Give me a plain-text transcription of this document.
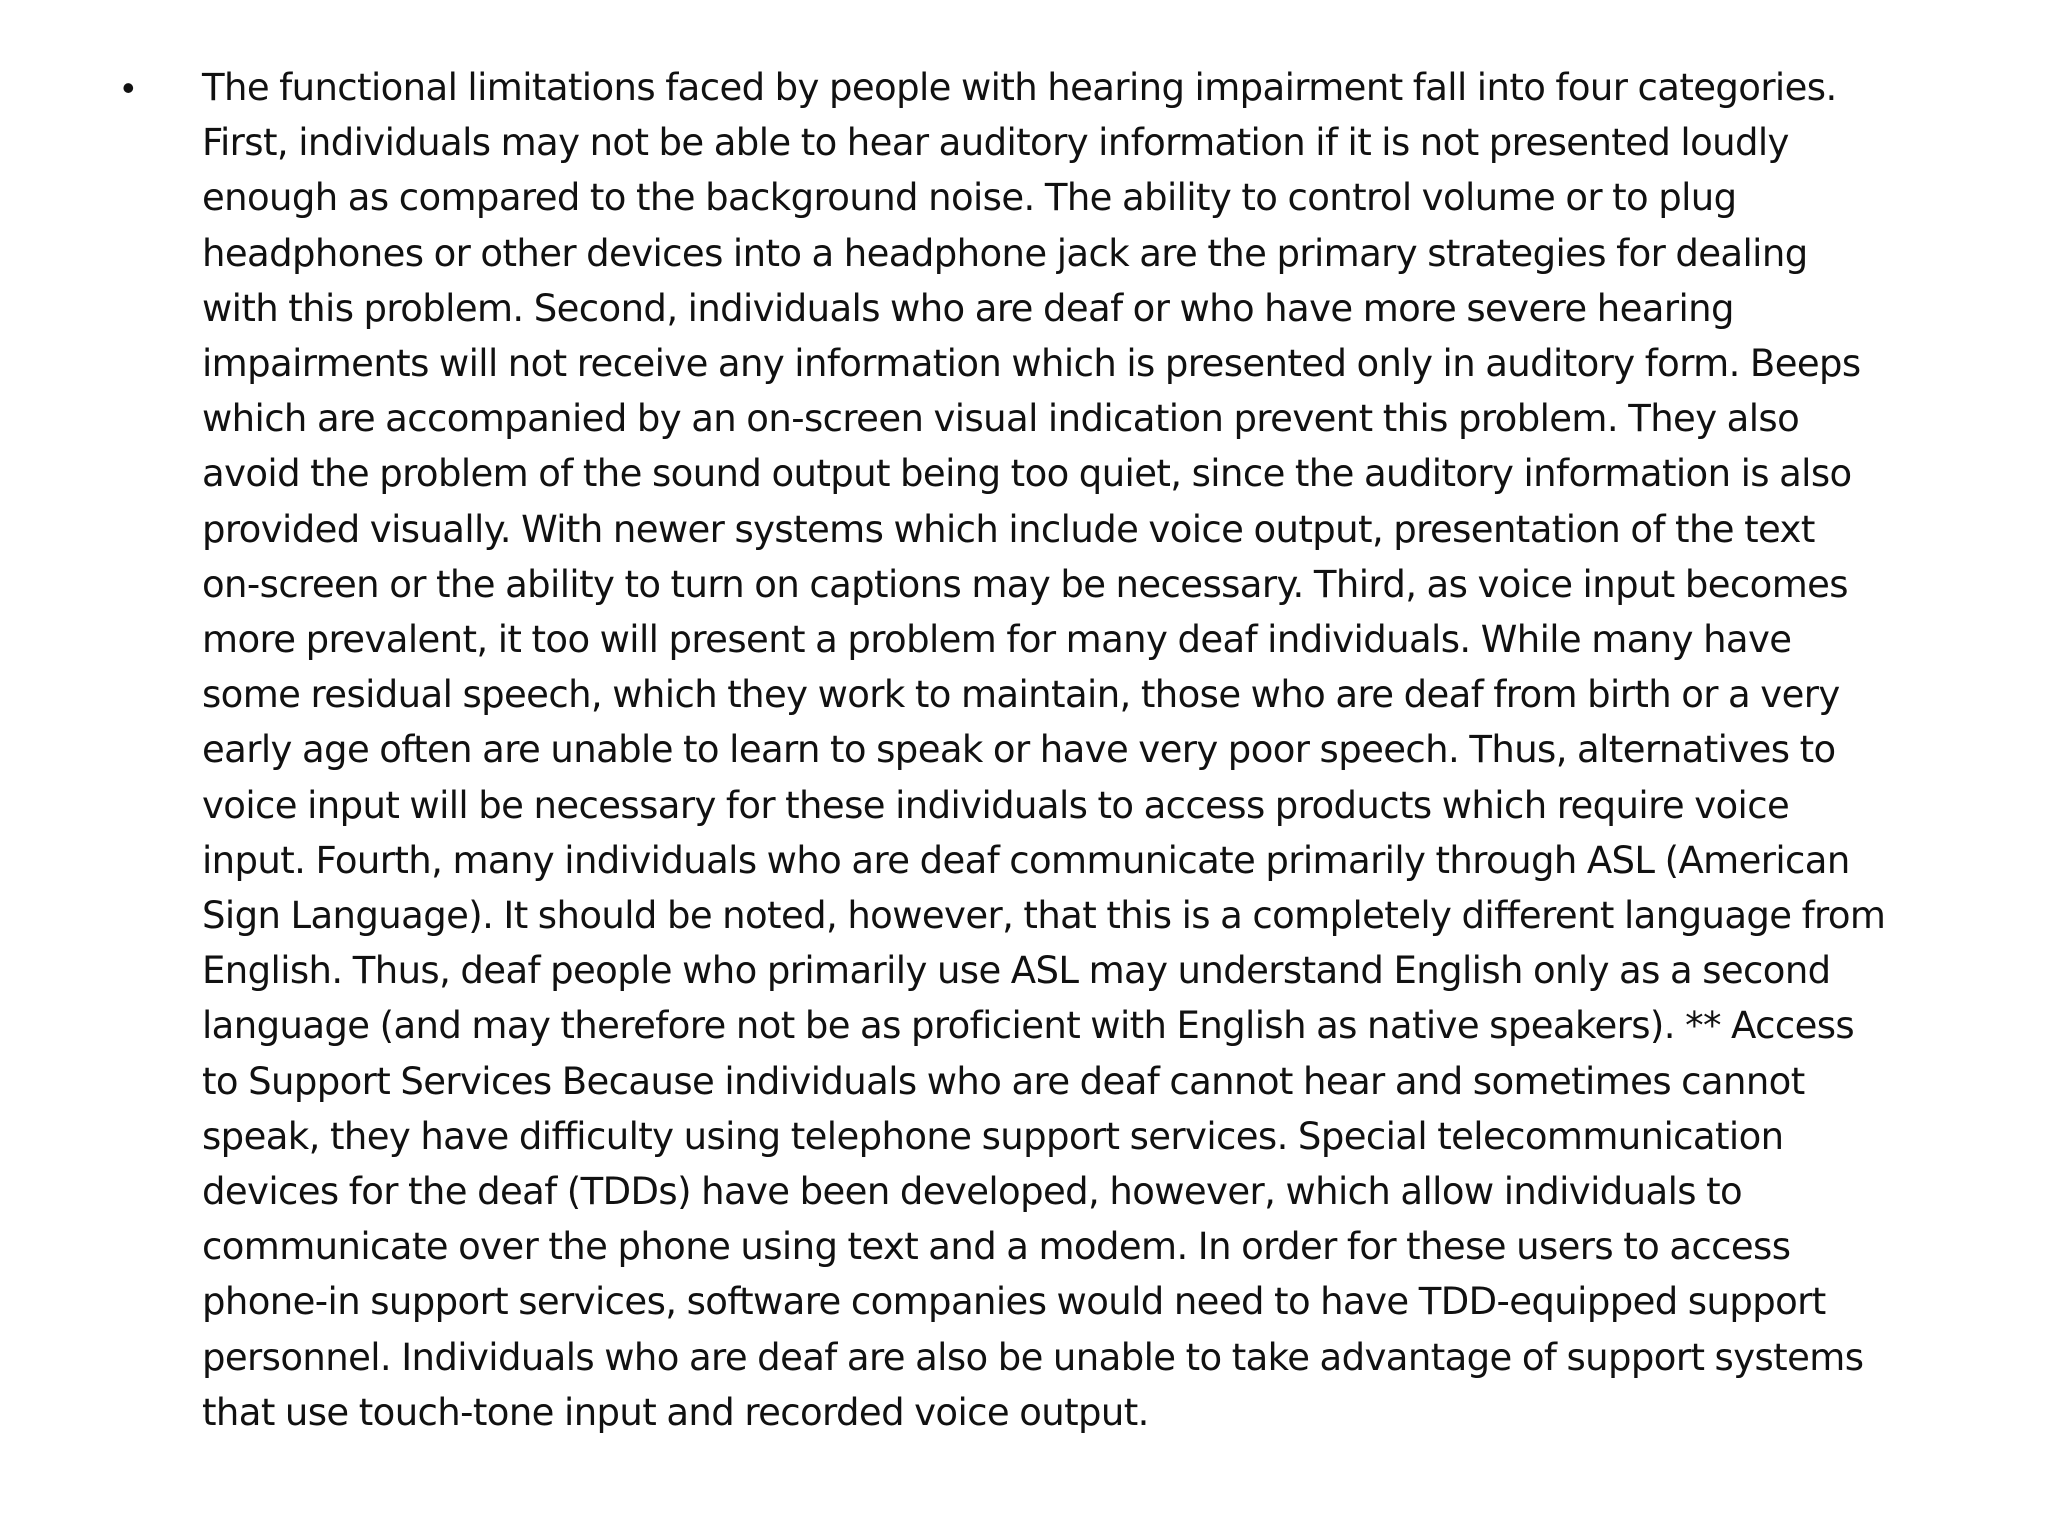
•	The functional limitations faced by people with hearing impairment fall into four categories.
First, individuals may not be able to hear auditory information if it is not presented loudly
enough as compared to the background noise. The ability to control volume or to plug
headphones or other devices into a headphone jack are the primary strategies for dealing
with this problem. Second, individuals who are deaf or who have more severe hearing
impairments will not receive any information which is presented only in auditory form. Beeps
which are accompanied by an on-screen visual indication prevent this problem. They also
avoid the problem of the sound output being too quiet, since the auditory information is also
provided visually. With newer systems which include voice output, presentation of the text
on-screen or the ability to turn on captions may be necessary. Third, as voice input becomes
more prevalent, it too will present a problem for many deaf individuals. While many have
some residual speech, which they work to maintain, those who are deaf from birth or a very
early age often are unable to learn to speak or have very poor speech. Thus, alternatives to
voice input will be necessary for these individuals to access products which require voice
input. Fourth, many individuals who are deaf communicate primarily through ASL (American
Sign Language). It should be noted, however, that this is a completely different language from
English. Thus, deaf people who primarily use ASL may understand English only as a second
language (and may therefore not be as proficient with English as native speakers). ** Access
to Support Services Because individuals who are deaf cannot hear and sometimes cannot
speak, they have difficulty using telephone support services. Special telecommunication
devices for the deaf (TDDs) have been developed, however, which allow individuals to
communicate over the phone using text and a modem. In order for these users to access
phone-in support services, software companies would need to have TDD-equipped support
personnel. Individuals who are deaf are also be unable to take advantage of support systems
that use touch-tone input and recorded voice output.
